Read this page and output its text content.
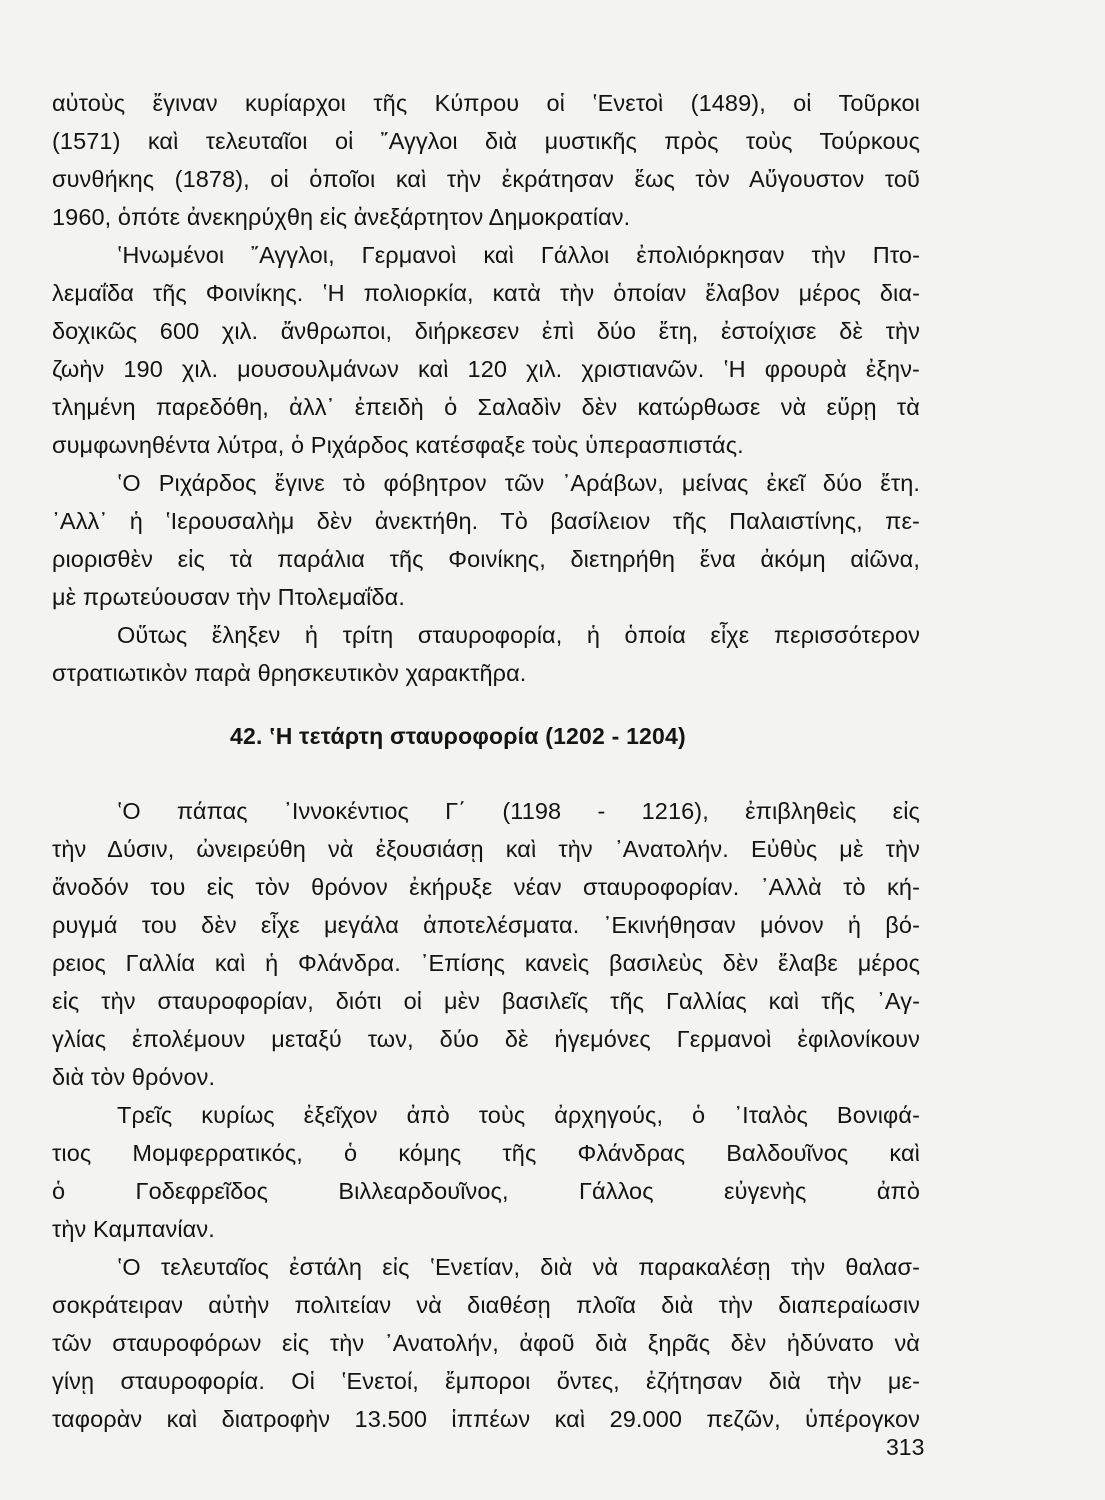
αὐτοὺς ἔγιναν κυρίαρχοι τῆς Κύπρου οἱ ʽΕνετοὶ (1489), οἱ Τοῦρκοι
(1571) καὶ τελευταῖοι οἱ ῎Αγγλοι διὰ μυστικῆς πρὸς τοὺς Τούρκους
συνθήκης (1878), οἱ ὁποῖοι καὶ τὴν ἐκράτησαν ἕως τὸν Αὔγουστον τοῦ
1960, ὁπότε ἀνεκηρύχθη εἰς ἀνεξάρτητον Δημοκρατίαν.
ʽΗνωμένοι ῎Αγγλοι, Γερμανοὶ καὶ Γάλλοι ἐπολιόρκησαν τὴν Πτο-
λεμαΐδα τῆς Φοινίκης. ʽΗ πολιορκία, κατὰ τὴν ὁποίαν ἔλαβον μέρος δια-
δοχικῶς 600 χιλ. ἄνθρωποι, διήρκεσεν ἐπὶ δύο ἔτη, ἐστοίχισε δὲ τὴν
ζωὴν 190 χιλ. μουσουλμάνων καὶ 120 χιλ. χριστιανῶν. ʽΗ φρουρὰ ἐξην-
τλημένη παρεδόθη, ἀλλ᾽ ἐπειδὴ ὁ Σαλαδὶν δὲν κατώρθωσε νὰ εὕρῃ τὰ
συμφωνηθέντα λύτρα, ὁ Ριχάρδος κατέσφαξε τοὺς ὑπερασπιστάς.
ʽΟ Ριχάρδος ἔγινε τὸ φόβητρον τῶν ᾽Αράβων, μείνας ἐκεῖ δύο ἔτη.
᾽Αλλ᾽ ἡ ʽΙερουσαλὴμ δὲν ἀνεκτήθη. Τὸ βασίλειον τῆς Παλαιστίνης, πε-
ριορισθὲν εἰς τὰ παράλια τῆς Φοινίκης, διετηρήθη ἕνα ἀκόμη αἰῶνα,
μὲ πρωτεύουσαν τὴν Πτολεμαΐδα.
Οὕτως ἔληξεν ἡ τρίτη σταυροφορία, ἡ ὁποία εἶχε περισσότερον
στρατιωτικὸν παρὰ θρησκευτικὸν χαρακτῆρα.
42. ʽΗ τετάρτη σταυροφορία (1202 - 1204)
ʽΟ πάπας ᾽Ιννοκέντιος Γ΄ (1198 - 1216), ἐπιβληθεὶς εἰς
τὴν Δύσιν, ὠνειρεύθη νὰ ἐξουσιάσῃ καὶ τὴν ᾽Ανατολήν. Εὐθὺς μὲ τὴν
ἄνοδόν του εἰς τὸν θρόνον ἐκήρυξε νέαν σταυροφορίαν. ᾽Αλλὰ τὸ κή-
ρυγμά του δὲν εἶχε μεγάλα ἀποτελέσματα. ᾽Εκινήθησαν μόνον ἡ βό-
ρειος Γαλλία καὶ ἡ Φλάνδρα. ᾽Επίσης κανεὶς βασιλεὺς δὲν ἔλαβε μέρος
εἰς τὴν σταυροφορίαν, διότι οἱ μὲν βασιλεῖς τῆς Γαλλίας καὶ τῆς ᾽Αγ-
γλίας ἐπολέμουν μεταξύ των, δύο δὲ ἡγεμόνες Γερμανοὶ ἐφιλονίκουν
διὰ τὸν θρόνον.
Τρεῖς κυρίως ἐξεῖχον ἀπὸ τοὺς ἀρχηγούς, ὁ ᾽Ιταλὸς Βονιφά-
τιος Μομφερρατικός, ὁ κόμης τῆς Φλάνδρας Βαλδουῖνος καὶ
ὁ Γοδεφρεῖδος Βιλλεαρδουῖνος, Γάλλος εὐγενὴς ἀπὸ
τὴν Καμπανίαν.
ʽΟ τελευταῖος ἐστάλη εἰς ʽΕνετίαν, διὰ νὰ παρακαλέσῃ τὴν θαλασ-
σοκράτειραν αὐτὴν πολιτείαν νὰ διαθέσῃ πλοῖα διὰ τὴν διαπεραίωσιν
τῶν σταυροφόρων εἰς τὴν ᾽Ανατολήν, ἀφοῦ διὰ ξηρᾶς δὲν ἠδύνατο νὰ
γίνῃ σταυροφορία. Οἱ ʽΕνετοί, ἔμποροι ὄντες, ἐζήτησαν διὰ τὴν με-
ταφορὰν καὶ διατροφὴν 13.500 ἱππέων καὶ 29.000 πεζῶν, ὑπέρογκον
313
